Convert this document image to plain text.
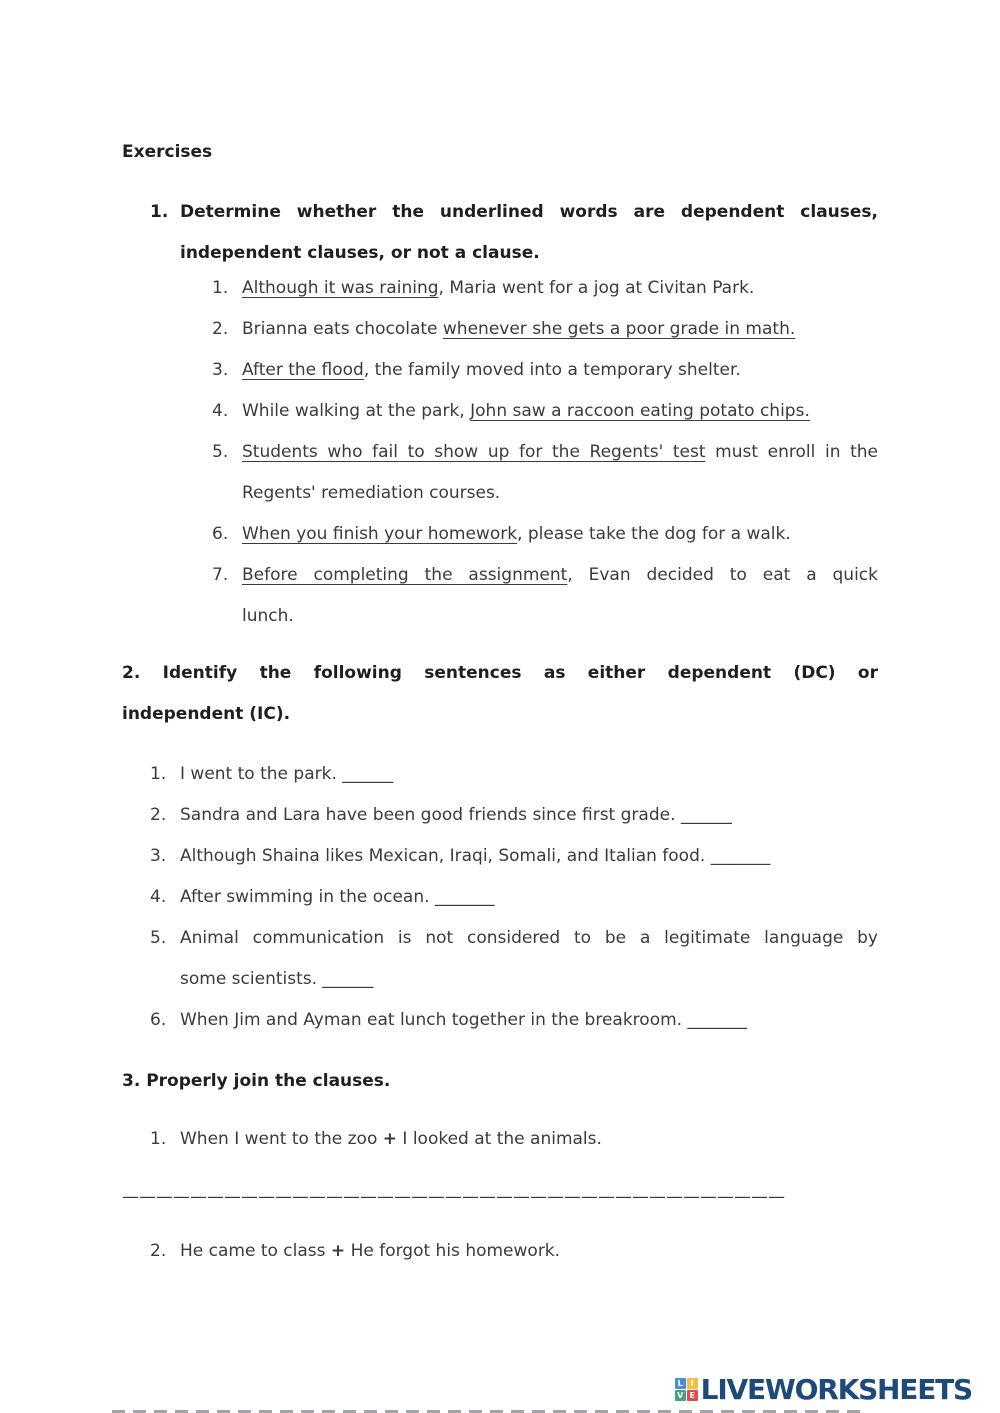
Exercises
1. Determine whether the underlined words are dependent clauses,
independent clauses, or not a clause.
1. Although it was raining, Maria went for a jog at Civitan Park.
2. Brianna eats chocolate whenever she gets a poor grade in math.
3. After the flood, the family moved into a temporary shelter.
4. While walking at the park, John saw a raccoon eating potato chips.
5. Students who fail to show up for the Regents' test must enroll in the
Regents' remediation courses.
6. When you finish your homework, please take the dog for a walk.
7. Before completing the assignment, Evan decided to eat a quick
lunch.
2. Identify the following sentences as either dependent (DC) or
independent (IC).
1. I went to the park. ______
2. Sandra and Lara have been good friends since first grade. ______
3. Although Shaina likes Mexican, Iraqi, Somali, and Italian food. _______
4. After swimming in the ocean. _______
5. Animal communication is not considered to be a legitimate language by
some scientists. ______
6. When Jim and Ayman eat lunch together in the breakroom. _______
3. Properly join the clauses.
1. When I went to the zoo + I looked at the animals.
———————————————————————————————————————
2. He came to class + He forgot his homework.
L I
V E LIVEWORKSHEETS
